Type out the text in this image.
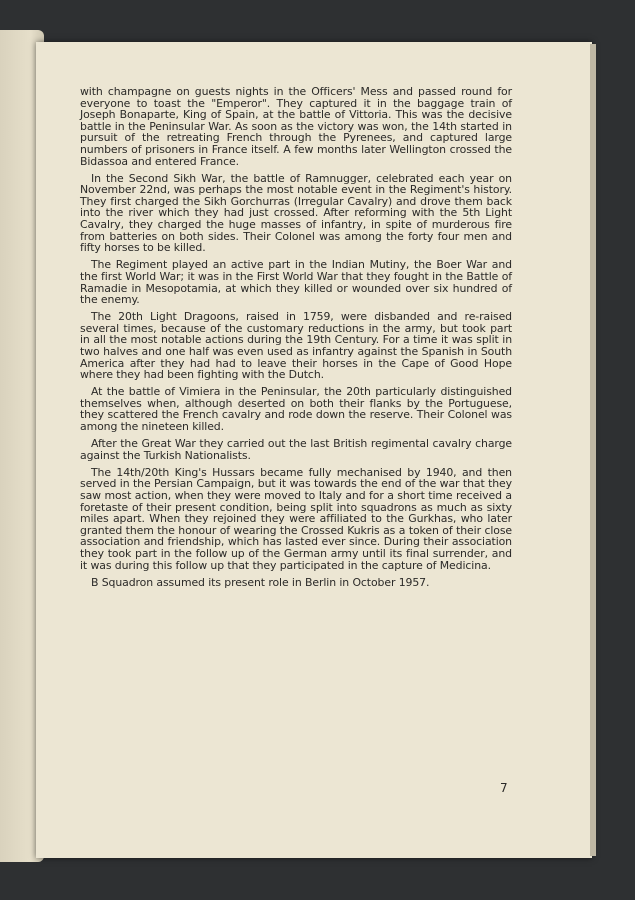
with champagne on guests nights in the Officers' Mess and passed round for everyone to toast the "Emperor". They captured it in the baggage train of Joseph Bonaparte, King of Spain, at the battle of Vittoria. This was the decisive battle in the Peninsular War. As soon as the victory was won, the 14th started in pursuit of the retreating French through the Pyrenees, and captured large numbers of prisoners in France itself. A few months later Wellington crossed the Bidassoa and entered France.

In the Second Sikh War, the battle of Ramnugger, celebrated each year on November 22nd, was perhaps the most notable event in the Regiment's history. They first charged the Sikh Gorchurras (Irregular Cavalry) and drove them back into the river which they had just crossed. After reforming with the 5th Light Cavalry, they charged the huge masses of infantry, in spite of murderous fire from batteries on both sides. Their Colonel was among the forty four men and fifty horses to be killed.

The Regiment played an active part in the Indian Mutiny, the Boer War and the first World War; it was in the First World War that they fought in the Battle of Ramadie in Mesopotamia, at which they killed or wounded over six hundred of the enemy.

The 20th Light Dragoons, raised in 1759, were disbanded and re-raised several times, because of the customary reductions in the army, but took part in all the most notable actions during the 19th Century. For a time it was split in two halves and one half was even used as infantry against the Spanish in South America after they had had to leave their horses in the Cape of Good Hope where they had been fighting with the Dutch.

At the battle of Vimiera in the Peninsular, the 20th particularly distinguished themselves when, although deserted on both their flanks by the Portuguese, they scattered the French cavalry and rode down the reserve. Their Colonel was among the nineteen killed.

After the Great War they carried out the last British regimental cavalry charge against the Turkish Nationalists.

The 14th/20th King's Hussars became fully mechanised by 1940, and then served in the Persian Campaign, but it was towards the end of the war that they saw most action, when they were moved to Italy and for a short time received a foretaste of their present condition, being split into squadrons as much as sixty miles apart. When they rejoined they were affiliated to the Gurkhas, who later granted them the honour of wearing the Crossed Kukris as a token of their close association and friendship, which has lasted ever since. During their association they took part in the follow up of the German army until its final surrender, and it was during this follow up that they participated in the capture of Medicina.

B Squadron assumed its present role in Berlin in October 1957.

7
